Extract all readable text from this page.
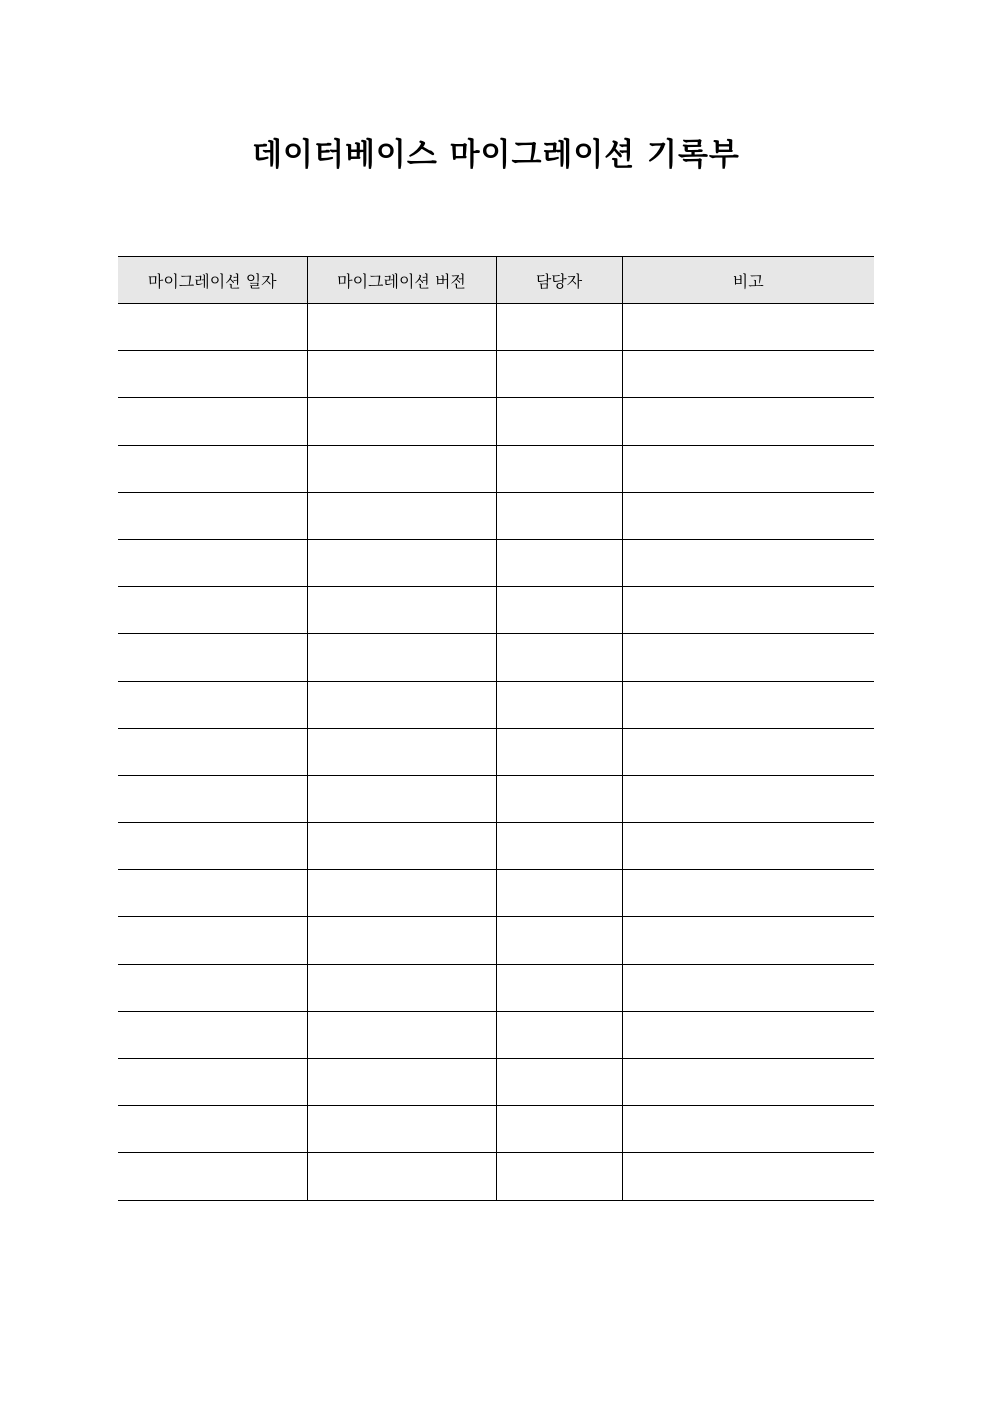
데이터베이스 마이그레이션 기록부
마이그레이션 일자	마이그레이션 버전	담당자	비고
